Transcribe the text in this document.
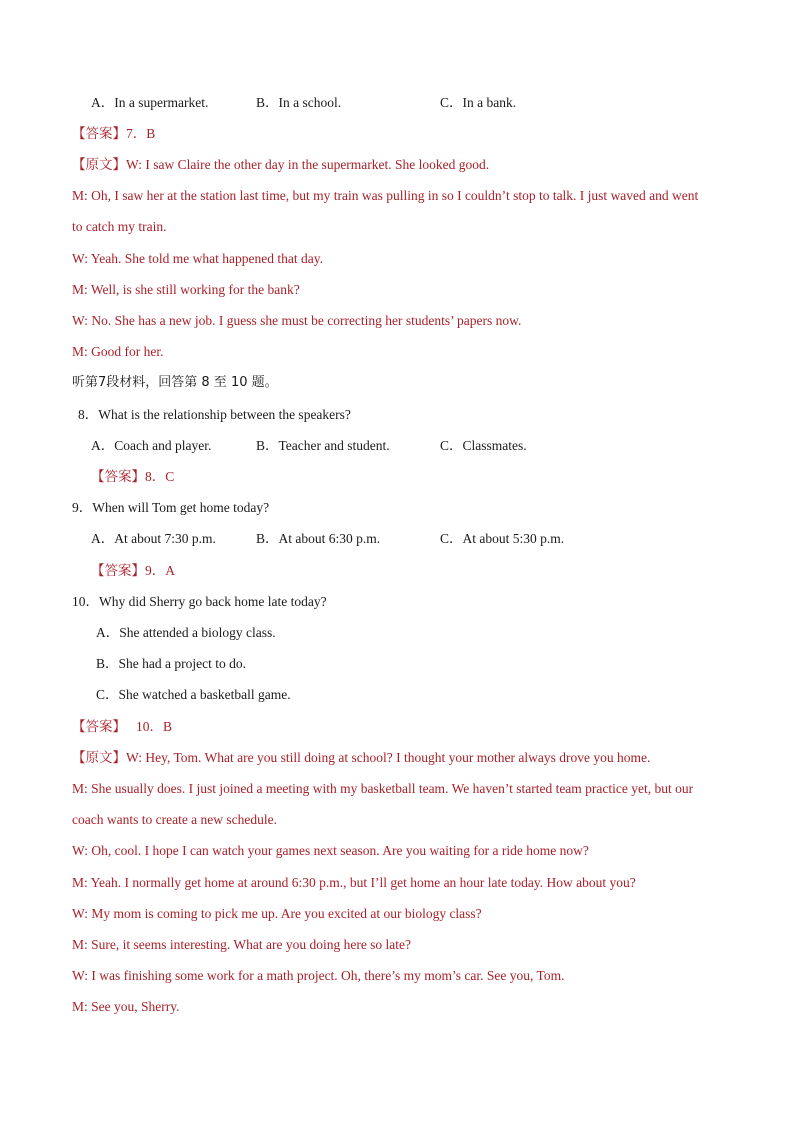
A．In a supermarket.	B．In a school.	C．In a bank.
【答案】7．B
【原文】W: I saw Claire the other day in the supermarket. She looked good.
M: Oh, I saw her at the station last time, but my train was pulling in so I couldn’t stop to talk. I just waved and went
to catch my train.
W: Yeah. She told me what happened that day.
M: Well, is she still working for the bank?
W: No. She has a new job. I guess she must be correcting her students’ papers now.
M: Good for her.
听第7段材料，回答第 8 至 10 题。
8．What is the relationship between the speakers?
A．Coach and player.	B．Teacher and student.	C．Classmates.
【答案】8．C
9．When will Tom get home today?
A．At about 7:30 p.m.	B．At about 6:30 p.m.	C．At about 5:30 p.m.
【答案】9．A
10．Why did Sherry go back home late today?
A．She attended a biology class.
B．She had a project to do.
C．She watched a basketball game.
【答案】 10．B
【原文】W: Hey, Tom. What are you still doing at school? I thought your mother always drove you home.
M: She usually does. I just joined a meeting with my basketball team. We haven’t started team practice yet, but our
coach wants to create a new schedule.
W: Oh, cool. I hope I can watch your games next season. Are you waiting for a ride home now?
M: Yeah. I normally get home at around 6:30 p.m., but I’ll get home an hour late today. How about you?
W: My mom is coming to pick me up. Are you excited at our biology class?
M: Sure, it seems interesting. What are you doing here so late?
W: I was finishing some work for a math project. Oh, there’s my mom’s car. See you, Tom.
M: See you, Sherry.
